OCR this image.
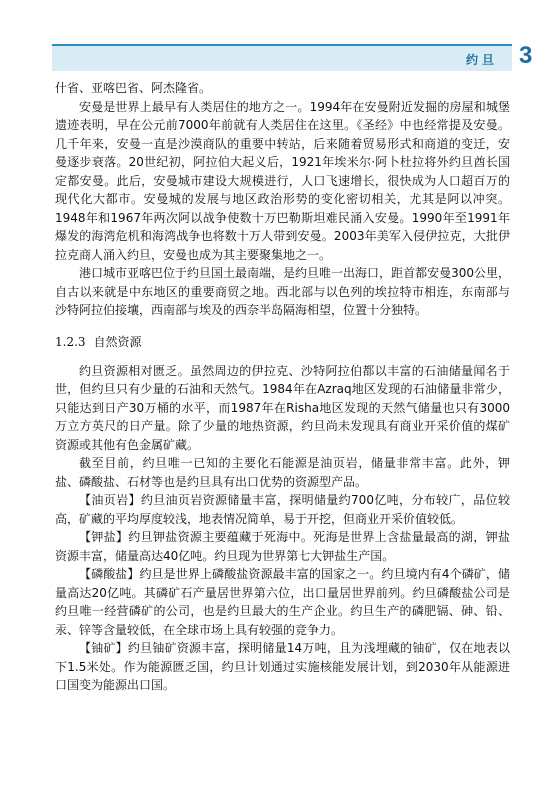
约旦 3

什省、亚喀巴省、阿杰隆省。

安曼是世界上最早有人类居住的地方之一。1994年在安曼附近发掘的房屋和城堡遗迹表明，早在公元前7000年前就有人类居住在这里。《圣经》中也经常提及安曼。几千年来，安曼一直是沙漠商队的重要中转站，后来随着贸易形式和商道的变迁，安曼逐步衰落。20世纪初，阿拉伯大起义后，1921年埃米尔·阿卜杜拉将外约旦酋长国定都安曼。此后，安曼城市建设大规模进行，人口飞速增长，很快成为人口超百万的现代化大都市。安曼城的发展与地区政治形势的变化密切相关，尤其是阿以冲突。1948年和1967年两次阿以战争使数十万巴勒斯坦难民涌入安曼。1990年至1991年爆发的海湾危机和海湾战争也将数十万人带到安曼。2003年美军入侵伊拉克，大批伊拉克商人涌入约旦，安曼也成为其主要聚集地之一。

港口城市亚喀巴位于约旦国土最南端，是约旦唯一出海口，距首都安曼300公里，自古以来就是中东地区的重要商贸之地。西北部与以色列的埃拉特市相连，东南部与沙特阿拉伯接壤，西南部与埃及的西奈半岛隔海相望，位置十分独特。

1.2.3 自然资源

约旦资源相对匮乏。虽然周边的伊拉克、沙特阿拉伯都以丰富的石油储量闻名于世，但约旦只有少量的石油和天然气。1984年在Azraq地区发现的石油储量非常少，只能达到日产30万桶的水平，而1987年在Risha地区发现的天然气储量也只有3000万立方英尺的日产量。除了少量的地热资源，约旦尚未发现具有商业开采价值的煤矿资源或其他有色金属矿藏。

截至目前，约旦唯一已知的主要化石能源是油页岩，储量非常丰富。此外，钾盐、磷酸盐、石材等也是约旦具有出口优势的资源型产品。

【油页岩】约旦油页岩资源储量丰富，探明储量约700亿吨，分布较广，品位较高，矿藏的平均厚度较浅，地表情况简单，易于开挖，但商业开采价值较低。

【钾盐】约旦钾盐资源主要蕴藏于死海中。死海是世界上含盐量最高的湖，钾盐资源丰富，储量高达40亿吨。约旦现为世界第七大钾盐生产国。

【磷酸盐】约旦是世界上磷酸盐资源最丰富的国家之一。约旦境内有4个磷矿，储量高达20亿吨。其磷矿石产量居世界第六位，出口量居世界前列。约旦磷酸盐公司是约旦唯一经营磷矿的公司，也是约旦最大的生产企业。约旦生产的磷肥镉、砷、铅、汞、锌等含量较低，在全球市场上具有较强的竞争力。

【铀矿】约旦铀矿资源丰富，探明储量14万吨，且为浅埋藏的铀矿，仅在地表以下1.5米处。作为能源匮乏国，约旦计划通过实施核能发展计划，到2030年从能源进口国变为能源出口国。
